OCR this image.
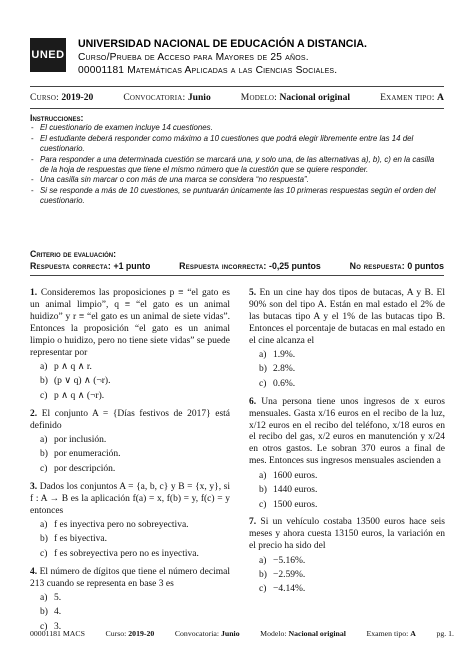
UNED
UNIVERSIDAD NACIONAL DE EDUCACIÓN A DISTANCIA.
Curso/Prueba de Acceso para Mayores de 25 años.
00001181 Matemáticas Aplicadas a las Ciencias Sociales.
Curso: 2019-20	Convocatoria: Junio	Modelo: Nacional original	Examen tipo: A
Instrucciones:
- El cuestionario de examen incluye 14 cuestiones.
- El estudiante deberá responder como máximo a 10 cuestiones que podrá elegir libremente entre las 14 del cuestionario.
- Para responder a una determinada cuestión se marcará una, y solo una, de las alternativas a), b), c) en la casilla de la hoja de respuestas que tiene el mismo número que la cuestión que se quiere responder.
- Una casilla sin marcar o con más de una marca se considera “no respuesta”.
- Si se responde a más de 10 cuestiones, se puntuarán únicamente las 10 primeras respuestas según el orden del cuestionario.
Criterio de evaluación:
Respuesta correcta: +1 punto	Respuesta incorrecta: -0,25 puntos	No respuesta: 0 puntos
1. Consideremos las proposiciones p ≡ “el gato es un animal limpio”, q ≡ “el gato es un animal huidizo” y r ≡ “el gato es un animal de siete vidas”. Entonces la proposición “el gato es un animal limpio o huidizo, pero no tiene siete vidas” se puede representar por
a) p ∧ q ∧ r.
b) (p ∨ q) ∧ (¬r).
c) p ∧ q ∧ (¬r).
2. El conjunto A = {Días festivos de 2017} está definido
a) por inclusión.
b) por enumeración.
c) por descripción.
3. Dados los conjuntos A = {a, b, c} y B = {x, y}, si f : A → B es la aplicación f(a) = x, f(b) = y, f(c) = y entonces
a) f es inyectiva pero no sobreyectiva.
b) f es biyectiva.
c) f es sobreyectiva pero no es inyectiva.
4. El número de dígitos que tiene el número decimal 213 cuando se representa en base 3 es
a) 5.
b) 4.
c) 3.
5. En un cine hay dos tipos de butacas, A y B. El 90% son del tipo A. Están en mal estado el 2% de las butacas tipo A y el 1% de las butacas tipo B. Entonces el porcentaje de butacas en mal estado en el cine alcanza el
a) 1.9%.
b) 2.8%.
c) 0.6%.
6. Una persona tiene unos ingresos de x euros mensuales. Gasta x/16 euros en el recibo de la luz, x/12 euros en el recibo del teléfono, x/18 euros en el recibo del gas, x/2 euros en manutención y x/24 en otros gastos. Le sobran 370 euros a final de mes. Entonces sus ingresos mensuales ascienden a
a) 1600 euros.
b) 1440 euros.
c) 1500 euros.
7. Si un vehículo costaba 13500 euros hace seis meses y ahora cuesta 13150 euros, la variación en el precio ha sido del
a) −5.16%.
b) −2.59%.
c) −4.14%.
00001181 MACS	Curso: 2019-20	Convocatoria: Junio	Modelo: Nacional original	Examen tipo: A	pg. 1.
